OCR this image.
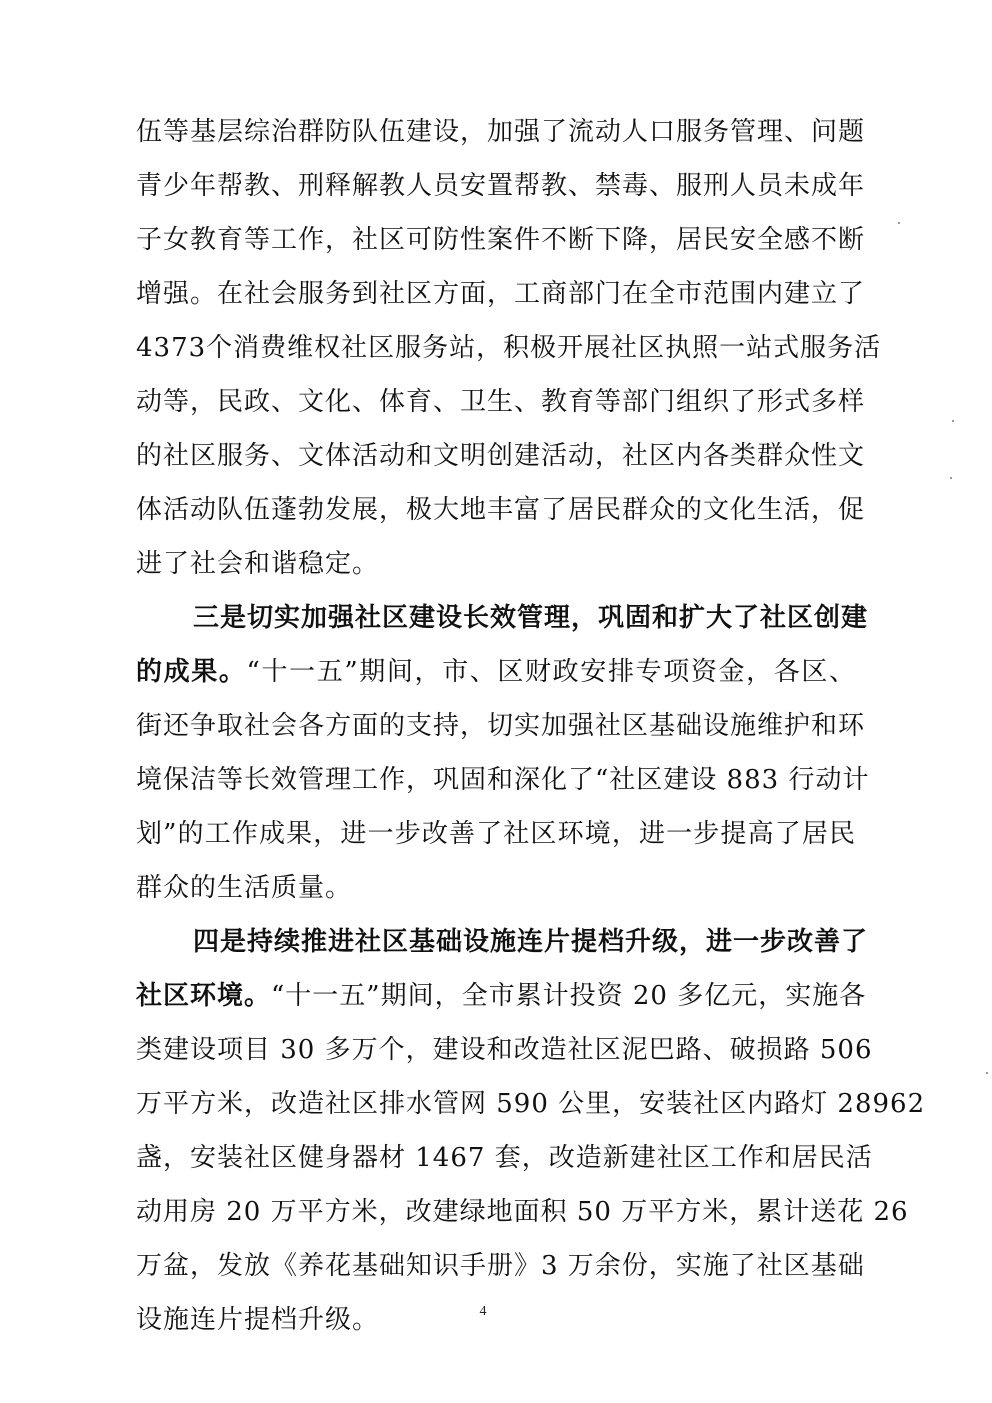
伍等基层综治群防队伍建设，加强了流动人口服务管理、问题
青少年帮教、刑释解教人员安置帮教、禁毒、服刑人员未成年
子女教育等工作，社区可防性案件不断下降，居民安全感不断
增强。在社会服务到社区方面，工商部门在全市范围内建立了
4373个消费维权社区服务站，积极开展社区执照一站式服务活
动等，民政、文化、体育、卫生、教育等部门组织了形式多样
的社区服务、文体活动和文明创建活动，社区内各类群众性文
体活动队伍蓬勃发展，极大地丰富了居民群众的文化生活，促
进了社会和谐稳定。
三是切实加强社区建设长效管理，巩固和扩大了社区创建
的成果。“十一五”期间，市、区财政安排专项资金，各区、
街还争取社会各方面的支持，切实加强社区基础设施维护和环
境保洁等长效管理工作，巩固和深化了“社区建设 883 行动计
划”的工作成果，进一步改善了社区环境，进一步提高了居民
群众的生活质量。
四是持续推进社区基础设施连片提档升级，进一步改善了
社区环境。“十一五”期间，全市累计投资 20 多亿元，实施各
类建设项目 30 多万个，建设和改造社区泥巴路、破损路 506
万平方米，改造社区排水管网 590 公里，安装社区内路灯 28962
盏，安装社区健身器材 1467 套，改造新建社区工作和居民活
动用房 20 万平方米，改建绿地面积 50 万平方米，累计送花 26
万盆，发放《养花基础知识手册》3 万余份，实施了社区基础
设施连片提档升级。	4
